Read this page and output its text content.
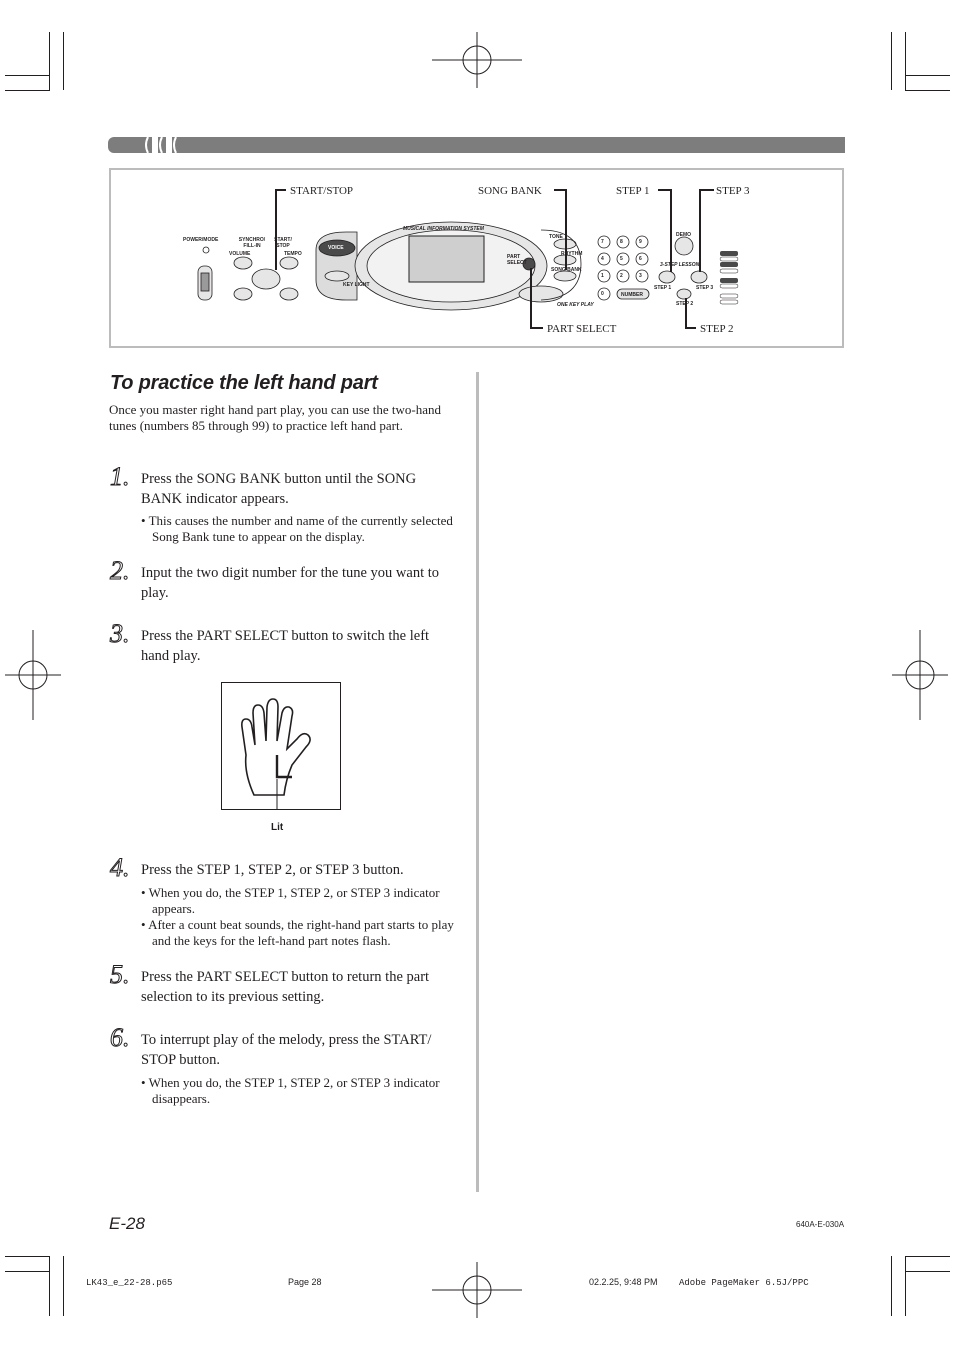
START/STOP	SONG BANK	STEP 1	STEP 3
PART SELECT	STEP 2
POWER/MODE	SYNCHRO/ FILL-IN
START/ STOP
VOLUME	TEMPO
VOICE
KEY LIGHT
MUSICAL INFORMATION SYSTEM
TONE
RHYTHM
SONG BANK
PART SELECT
ONE KEY PLAY
DEMO
3-STEP LESSON
STEP 1	STEP 3
STEP 2
NUMBER
7	8	9
4	5	6
1	2	3
0
To practice the left hand part
Once you master right hand part play, you can use the two-hand tunes (numbers 85 through 99) to practice left hand part.
1. Press the SONG BANK button until the SONG BANK indicator appears.
• This causes the number and name of the currently selected Song Bank tune to appear on the display.
2. Input the two digit number for the tune you want to play.
3. Press the PART SELECT button to switch the left hand play.
Lit
4. Press the STEP 1, STEP 2, or STEP 3 button.
• When you do, the STEP 1, STEP 2, or STEP 3 indicator appears.
• After a count beat sounds, the right-hand part starts to play and the keys for the left-hand part notes flash.
5. Press the PART SELECT button to return the part selection to its previous setting.
6. To interrupt play of the melody, press the START/ STOP button.
• When you do, the STEP 1, STEP 2, or STEP 3 indicator disappears.
E-28	640A-E-030A
LK43_e_22-28.p65	Page 28	02.2.25, 9:48 PM Adobe PageMaker 6.5J/PPC
